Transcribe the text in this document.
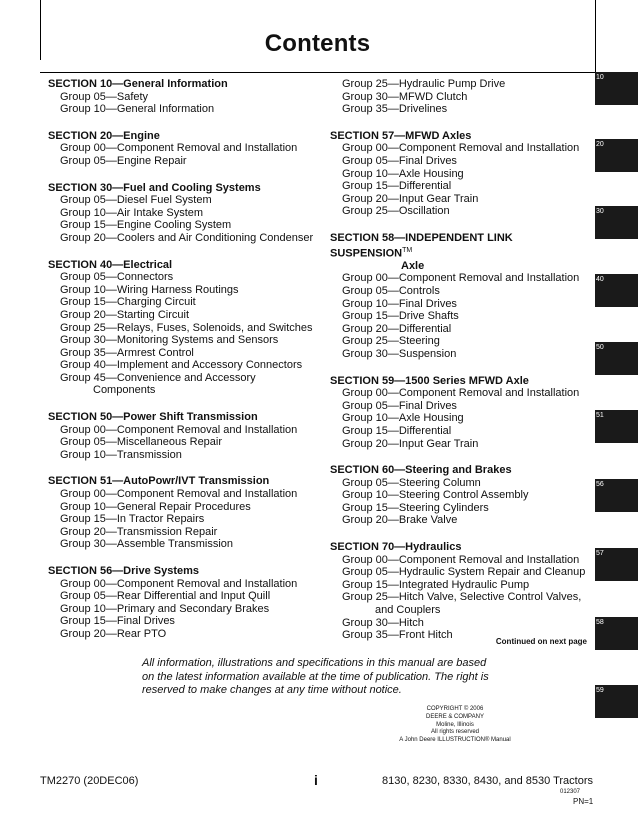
Contents
SECTION 10—General Information
Group 05—Safety
Group 10—General Information
SECTION 20—Engine
Group 00—Component Removal and Installation
Group 05—Engine Repair
SECTION 30—Fuel and Cooling Systems
Group 05—Diesel Fuel System
Group 10—Air Intake System
Group 15—Engine Cooling System
Group 20—Coolers and Air Conditioning Condenser
SECTION 40—Electrical
Group 05—Connectors
Group 10—Wiring Harness Routings
Group 15—Charging Circuit
Group 20—Starting Circuit
Group 25—Relays, Fuses, Solenoids, and Switches
Group 30—Monitoring Systems and Sensors
Group 35—Armrest Control
Group 40—Implement and Accessory Connectors
Group 45—Convenience and Accessory
Components
SECTION 50—Power Shift Transmission
Group 00—Component Removal and Installation
Group 05—Miscellaneous Repair
Group 10—Transmission
SECTION 51—AutoPowr/IVT Transmission
Group 00—Component Removal and Installation
Group 10—General Repair Procedures
Group 15—In Tractor Repairs
Group 20—Transmission Repair
Group 30—Assemble Transmission
SECTION 56—Drive Systems
Group 00—Component Removal and Installation
Group 05—Rear Differential and Input Quill
Group 10—Primary and Secondary Brakes
Group 15—Final Drives
Group 20—Rear PTO
Group 25—Hydraulic Pump Drive
Group 30—MFWD Clutch
Group 35—Drivelines
SECTION 57—MFWD Axles
Group 00—Component Removal and Installation
Group 05—Final Drives
Group 10—Axle Housing
Group 15—Differential
Group 20—Input Gear Train
Group 25—Oscillation
SECTION 58—INDEPENDENT LINK SUSPENSION™
Axle
Group 00—Component Removal and Installation
Group 05—Controls
Group 10—Final Drives
Group 15—Drive Shafts
Group 20—Differential
Group 25—Steering
Group 30—Suspension
SECTION 59—1500 Series MFWD Axle
Group 00—Component Removal and Installation
Group 05—Final Drives
Group 10—Axle Housing
Group 15—Differential
Group 20—Input Gear Train
SECTION 60—Steering and Brakes
Group 05—Steering Column
Group 10—Steering Control Assembly
Group 15—Steering Cylinders
Group 20—Brake Valve
SECTION 70—Hydraulics
Group 00—Component Removal and Installation
Group 05—Hydraulic System Repair and Cleanup
Group 15—Integrated Hydraulic Pump
Group 25—Hitch Valve, Selective Control Valves,
and Couplers
Group 30—Hitch
Group 35—Front Hitch
Continued on next page
All information, illustrations and specifications in this manual are based on the latest information available at the time of publication. The right is reserved to make changes at any time without notice.
COPYRIGHT © 2006
DEERE & COMPANY
Moline, Illinois
All rights reserved
A John Deere ILLUSTRUCTION® Manual
10
20
30
40
50
51
56
57
58
59
TM2270 (20DEC06)	i	8130, 8230, 8330, 8430, and 8530 Tractors
012307
PN=1
